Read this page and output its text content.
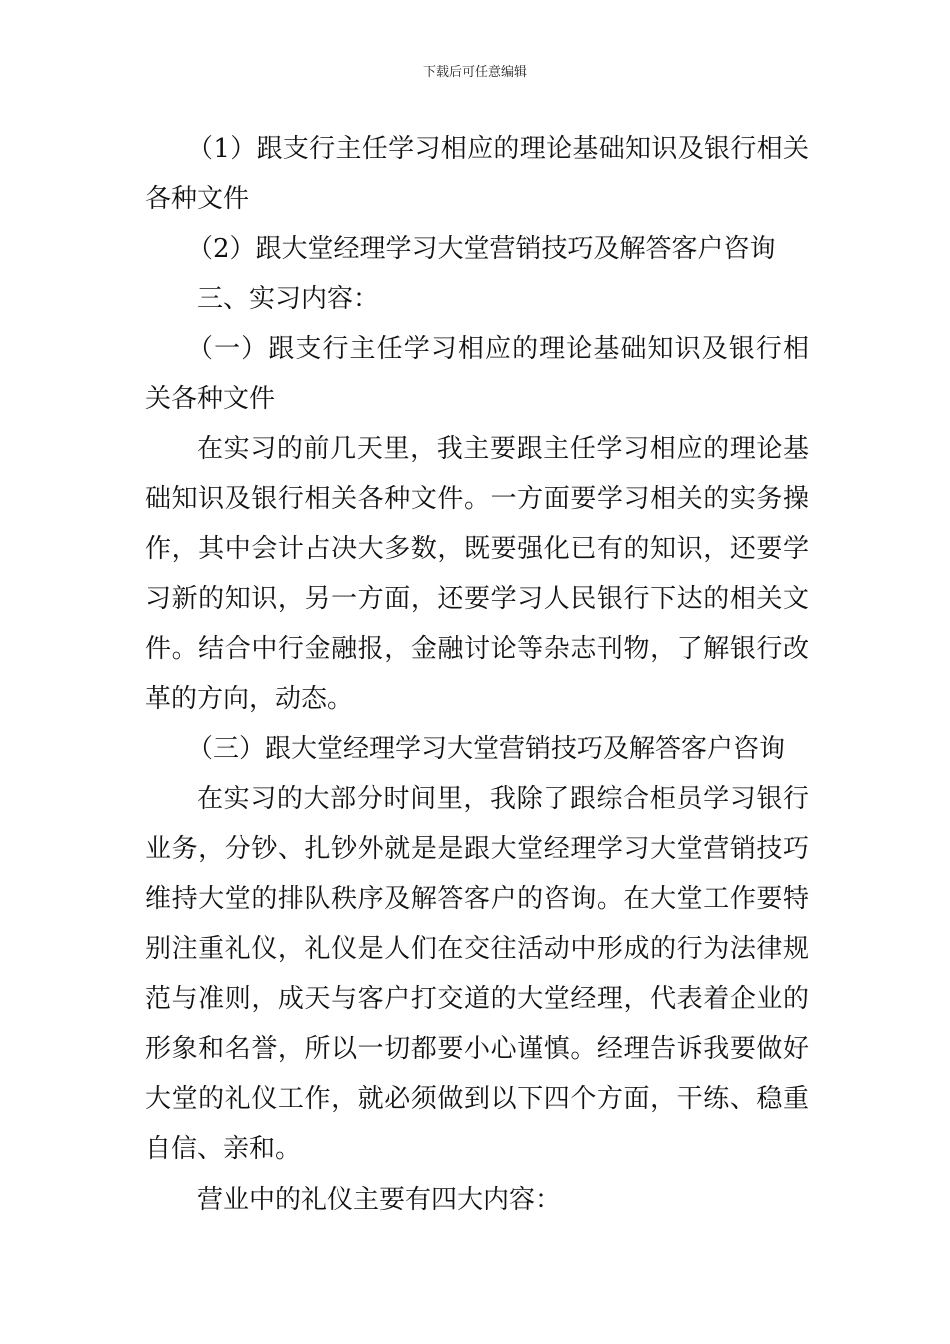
下载后可任意编辑

（1）跟支行主任学习相应的理论基础知识及银行相关各种文件

（2）跟大堂经理学习大堂营销技巧及解答客户咨询

三、实习内容：

（一）跟支行主任学习相应的理论基础知识及银行相关各种文件

在实习的前几天里，我主要跟主任学习相应的理论基础知识及银行相关各种文件。一方面要学习相关的实务操作，其中会计占决大多数，既要强化已有的知识，还要学习新的知识，另一方面，还要学习人民银行下达的相关文件。结合中行金融报，金融讨论等杂志刊物，了解银行改革的方向，动态。

（三）跟大堂经理学习大堂营销技巧及解答客户咨询

在实习的大部分时间里，我除了跟综合柜员学习银行业务，分钞、扎钞外就是是跟大堂经理学习大堂营销技巧维持大堂的排队秩序及解答客户的咨询。在大堂工作要特别注重礼仪，礼仪是人们在交往活动中形成的行为法律规范与准则，成天与客户打交道的大堂经理，代表着企业的形象和名誉，所以一切都要小心谨慎。经理告诉我要做好大堂的礼仪工作，就必须做到以下四个方面，干练、稳重自信、亲和。

营业中的礼仪主要有四大内容：
